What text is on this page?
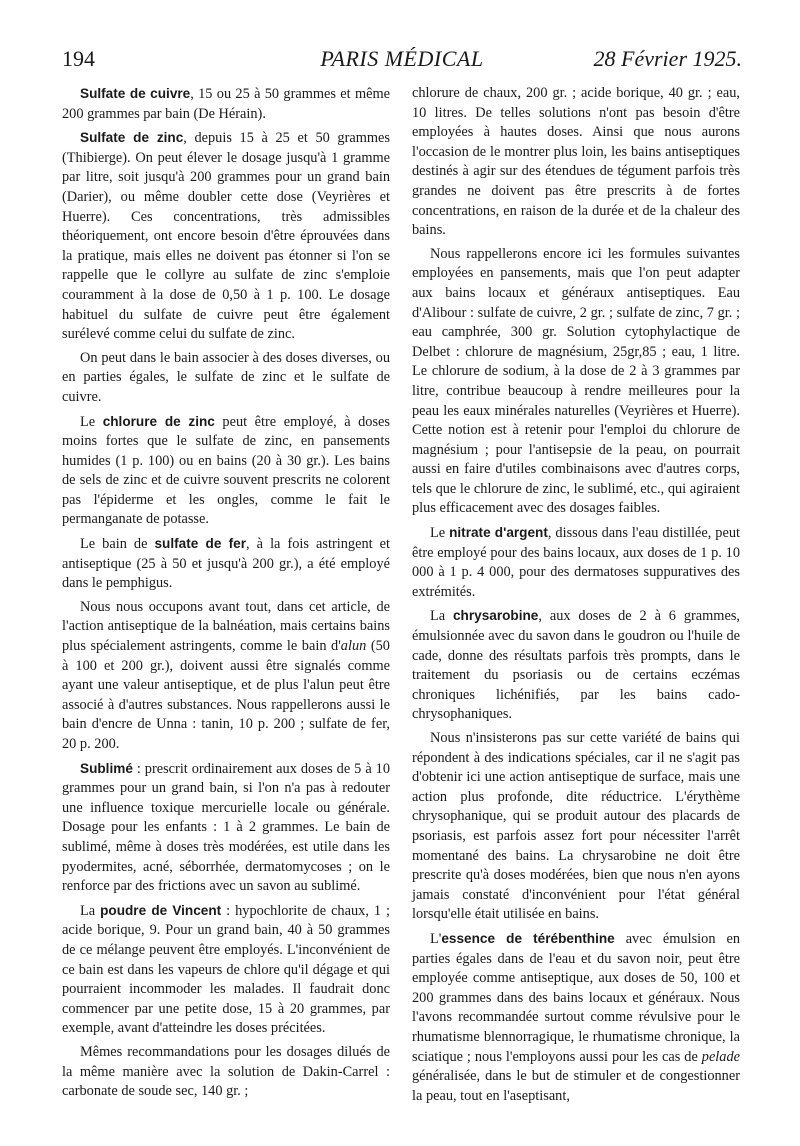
194	PARIS MÉDICAL	28 Février 1925.

Sulfate de cuivre, 15 ou 25 à 50 grammes et même 200 grammes par bain (De Hérain).

Sulfate de zinc, depuis 15 à 25 et 50 grammes (Thibierge). On peut élever le dosage jusqu'à 1 gramme par litre, soit jusqu'à 200 grammes pour un grand bain (Darier), ou même doubler cette dose (Veyrières et Huerre). Ces concentrations, très admissibles théoriquement, ont encore besoin d'être éprouvées dans la pratique, mais elles ne doivent pas étonner si l'on se rappelle que le collyre au sulfate de zinc s'emploie couramment à la dose de 0,50 à 1 p. 100. Le dosage habituel du sulfate de cuivre peut être également surélevé comme celui du sulfate de zinc.

On peut dans le bain associer à des doses diverses, ou en parties égales, le sulfate de zinc et le sulfate de cuivre.

Le chlorure de zinc peut être employé, à doses moins fortes que le sulfate de zinc, en pansements humides (1 p. 100) ou en bains (20 à 30 gr.). Les bains de sels de zinc et de cuivre souvent prescrits ne colorent pas l'épiderme et les ongles, comme le fait le permanganate de potasse.

Le bain de sulfate de fer, à la fois astringent et antiseptique (25 à 50 et jusqu'à 200 gr.), a été employé dans le pemphigus.

Nous nous occupons avant tout, dans cet article, de l'action antiseptique de la balnéation, mais certains bains plus spécialement astringents, comme le bain d'alun (50 à 100 et 200 gr.), doivent aussi être signalés comme ayant une valeur antiseptique, et de plus l'alun peut être associé à d'autres substances. Nous rappellerons aussi le bain d'encre de Unna : tanin, 10 p. 200 ; sulfate de fer, 20 p. 200.

Sublimé : prescrit ordinairement aux doses de 5 à 10 grammes pour un grand bain, si l'on n'a pas à redouter une influence toxique mercurielle locale ou générale. Dosage pour les enfants : 1 à 2 grammes. Le bain de sublimé, même à doses très modérées, est utile dans les pyodermites, acné, séborrhée, dermatomycoses ; on le renforce par des frictions avec un savon au sublimé.

La poudre de Vincent : hypochlorite de chaux, 1 ; acide borique, 9. Pour un grand bain, 40 à 50 grammes de ce mélange peuvent être employés. L'inconvénient de ce bain est dans les vapeurs de chlore qu'il dégage et qui pourraient incommoder les malades. Il faudrait donc commencer par une petite dose, 15 à 20 grammes, par exemple, avant d'atteindre les doses précitées.

Mêmes recommandations pour les dosages dilués de la même manière avec la solution de Dakin-Carrel : carbonate de soude sec, 140 gr. ;

chlorure de chaux, 200 gr. ; acide borique, 40 gr. ; eau, 10 litres. De telles solutions n'ont pas besoin d'être employées à hautes doses. Ainsi que nous aurons l'occasion de le montrer plus loin, les bains antiseptiques destinés à agir sur des étendues de tégument parfois très grandes ne doivent pas être prescrits à de fortes concentrations, en raison de la durée et de la chaleur des bains.

Nous rappellerons encore ici les formules suivantes employées en pansements, mais que l'on peut adapter aux bains locaux et généraux antiseptiques. Eau d'Alibour : sulfate de cuivre, 2 gr. ; sulfate de zinc, 7 gr. ; eau camphrée, 300 gr. Solution cytophylactique de Delbet : chlorure de magnésium, 25gr,85 ; eau, 1 litre. Le chlorure de sodium, à la dose de 2 à 3 grammes par litre, contribue beaucoup à rendre meilleures pour la peau les eaux minérales naturelles (Veyrières et Huerre). Cette notion est à retenir pour l'emploi du chlorure de magnésium ; pour l'antisepsie de la peau, on pourrait aussi en faire d'utiles combinaisons avec d'autres corps, tels que le chlorure de zinc, le sublimé, etc., qui agiraient plus efficacement avec des dosages faibles.

Le nitrate d'argent, dissous dans l'eau distillée, peut être employé pour des bains locaux, aux doses de 1 p. 10 000 à 1 p. 4 000, pour des dermatoses suppuratives des extrémités.

La chrysarobine, aux doses de 2 à 6 grammes, émulsionnée avec du savon dans le goudron ou l'huile de cade, donne des résultats parfois très prompts, dans le traitement du psoriasis ou de certains eczémas chroniques lichénifiés, par les bains cado-chrysophaniques.

Nous n'insisterons pas sur cette variété de bains qui répondent à des indications spéciales, car il ne s'agit pas d'obtenir ici une action antiseptique de surface, mais une action plus profonde, dite réductrice. L'érythème chrysophanique, qui se produit autour des placards de psoriasis, est parfois assez fort pour nécessiter l'arrêt momentané des bains. La chrysarobine ne doit être prescrite qu'à doses modérées, bien que nous n'en ayons jamais constaté d'inconvénient pour l'état général lorsqu'elle était utilisée en bains.

L'essence de térébenthine avec émulsion en parties égales dans de l'eau et du savon noir, peut être employée comme antiseptique, aux doses de 50, 100 et 200 grammes dans des bains locaux et généraux. Nous l'avons recommandée surtout comme révulsive pour le rhumatisme blennorragique, le rhumatisme chronique, la sciatique ; nous l'employons aussi pour les cas de pelade généralisée, dans le but de stimuler et de congestionner la peau, tout en l'aseptisant,
